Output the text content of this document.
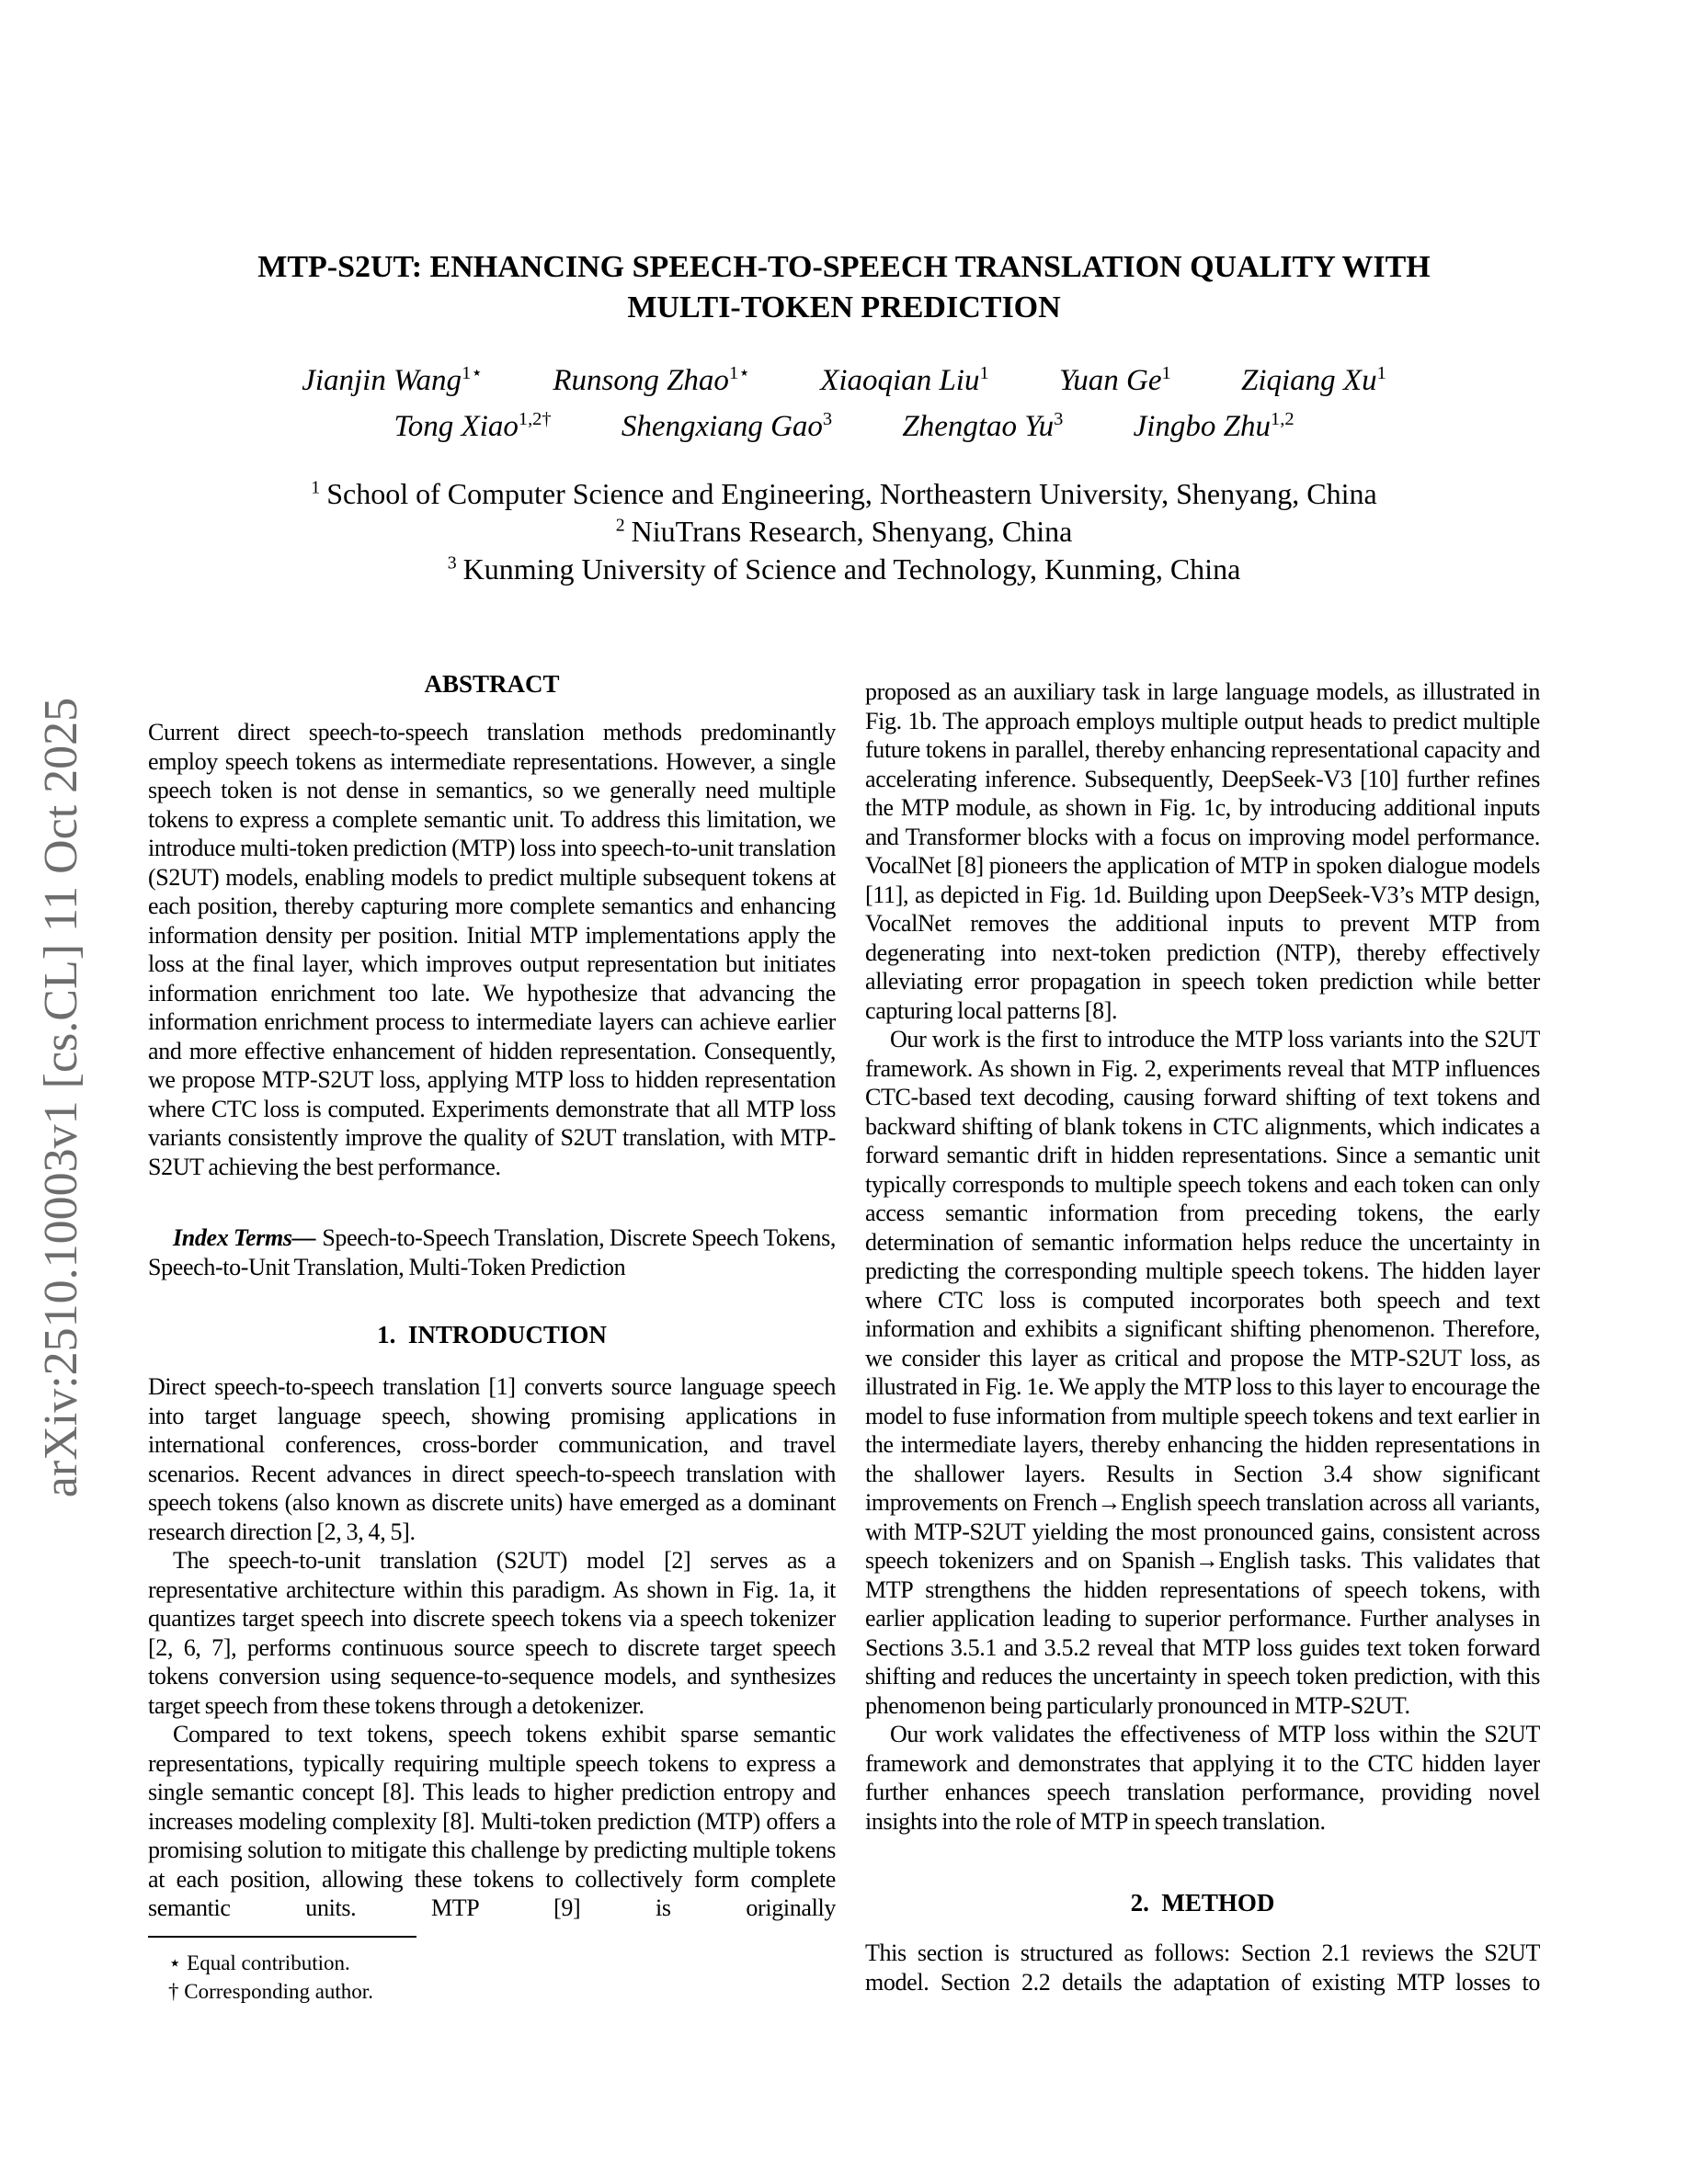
arXiv:2510.10003v1 [cs.CL] 11 Oct 2025
MTP-S2UT: ENHANCING SPEECH-TO-SPEECH TRANSLATION QUALITY WITH
MULTI-TOKEN PREDICTION
Jianjin Wang$^{1⋆}$ Runsong Zhao$^{1⋆}$ Xiaoqian Liu$^1$ Yuan Ge$^1$ Ziqiang Xu$^1$
Tong Xiao$^{1,2\dagger}$ Shengxiang Gao$^3$ Zhengtao Yu$^3$ Jingbo Zhu$^{1,2}$
$^1$ School of Computer Science and Engineering, Northeastern University, Shenyang, China
$^2$ NiuTrans Research, Shenyang, China
$^3$ Kunming University of Science and Technology, Kunming, China
ABSTRACT

Current direct speech-to-speech translation methods predominantly employ speech tokens as intermediate representations. However, a single speech token is not dense in semantics, so we generally need multiple tokens to express a complete semantic unit. To address this limitation, we introduce multi-token prediction (MTP) loss into speech-to-unit translation (S2UT) models, enabling models to predict multiple subsequent tokens at each position, thereby capturing more complete semantics and enhancing information density per position. Initial MTP implementations apply the loss at the final layer, which improves output representation but initiates information enrichment too late. We hypothesize that advancing the information enrichment process to intermediate layers can achieve earlier and more effective enhancement of hidden representation. Consequently, we propose MTP-S2UT loss, applying MTP loss to hidden representation where CTC loss is computed. Experiments demonstrate that all MTP loss variants consistently improve the quality of S2UT translation, with MTP-S2UT achieving the best performance.

Index Terms— Speech-to-Speech Translation, Discrete Speech Tokens, Speech-to-Unit Translation, Multi-Token Prediction

1.  INTRODUCTION

Direct speech-to-speech translation [1] converts source language speech into target language speech, showing promising applications in international conferences, cross-border communication, and travel scenarios. Recent advances in direct speech-to-speech translation with speech tokens (also known as discrete units) have emerged as a dominant research direction [2, 3, 4, 5].

The speech-to-unit translation (S2UT) model [2] serves as a representative architecture within this paradigm. As shown in Fig. 1a, it quantizes target speech into discrete speech tokens via a speech tokenizer [2, 6, 7], performs continuous source speech to discrete target speech tokens conversion using sequence-to-sequence models, and synthesizes target speech from these tokens through a detokenizer.

Compared to text tokens, speech tokens exhibit sparse semantic representations, typically requiring multiple speech tokens to express a single semantic concept [8]. This leads to higher prediction entropy and increases modeling complexity [8]. Multi-token prediction (MTP) offers a promising solution to mitigate this challenge by predicting multiple tokens at each position, allowing these tokens to collectively form complete semantic units. MTP [9] is originally

⋆ Equal contribution.
† Corresponding author.

proposed as an auxiliary task in large language models, as illustrated in Fig. 1b. The approach employs multiple output heads to predict multiple future tokens in parallel, thereby enhancing representational capacity and accelerating inference. Subsequently, DeepSeek-V3 [10] further refines the MTP module, as shown in Fig. 1c, by introducing additional inputs and Transformer blocks with a focus on improving model performance. VocalNet [8] pioneers the application of MTP in spoken dialogue models [11], as depicted in Fig. 1d. Building upon DeepSeek-V3’s MTP design, VocalNet removes the additional inputs to prevent MTP from degenerating into next-token prediction (NTP), thereby effectively alleviating error propagation in speech token prediction while better capturing local patterns [8].

Our work is the first to introduce the MTP loss variants into the S2UT framework. As shown in Fig. 2, experiments reveal that MTP influences CTC-based text decoding, causing forward shifting of text tokens and backward shifting of blank tokens in CTC alignments, which indicates a forward semantic drift in hidden representations. Since a semantic unit typically corresponds to multiple speech tokens and each token can only access semantic information from preceding tokens, the early determination of semantic information helps reduce the uncertainty in predicting the corresponding multiple speech tokens. The hidden layer where CTC loss is computed incorporates both speech and text information and exhibits a significant shifting phenomenon. Therefore, we consider this layer as critical and propose the MTP-S2UT loss, as illustrated in Fig. 1e. We apply the MTP loss to this layer to encourage the model to fuse information from multiple speech tokens and text earlier in the intermediate layers, thereby enhancing the hidden representations in the shallower layers. Results in Section 3.4 show significant improvements on French→English speech translation across all variants, with MTP-S2UT yielding the most pronounced gains, consistent across speech tokenizers and on Spanish→English tasks. This validates that MTP strengthens the hidden representations of speech tokens, with earlier application leading to superior performance. Further analyses in Sections 3.5.1 and 3.5.2 reveal that MTP loss guides text token forward shifting and reduces the uncertainty in speech token prediction, with this phenomenon being particularly pronounced in MTP-S2UT.

Our work validates the effectiveness of MTP loss within the S2UT framework and demonstrates that applying it to the CTC hidden layer further enhances speech translation performance, providing novel insights into the role of MTP in speech translation.

2.  METHOD

This section is structured as follows: Section 2.1 reviews the S2UT model. Section 2.2 details the adaptation of existing MTP losses to
